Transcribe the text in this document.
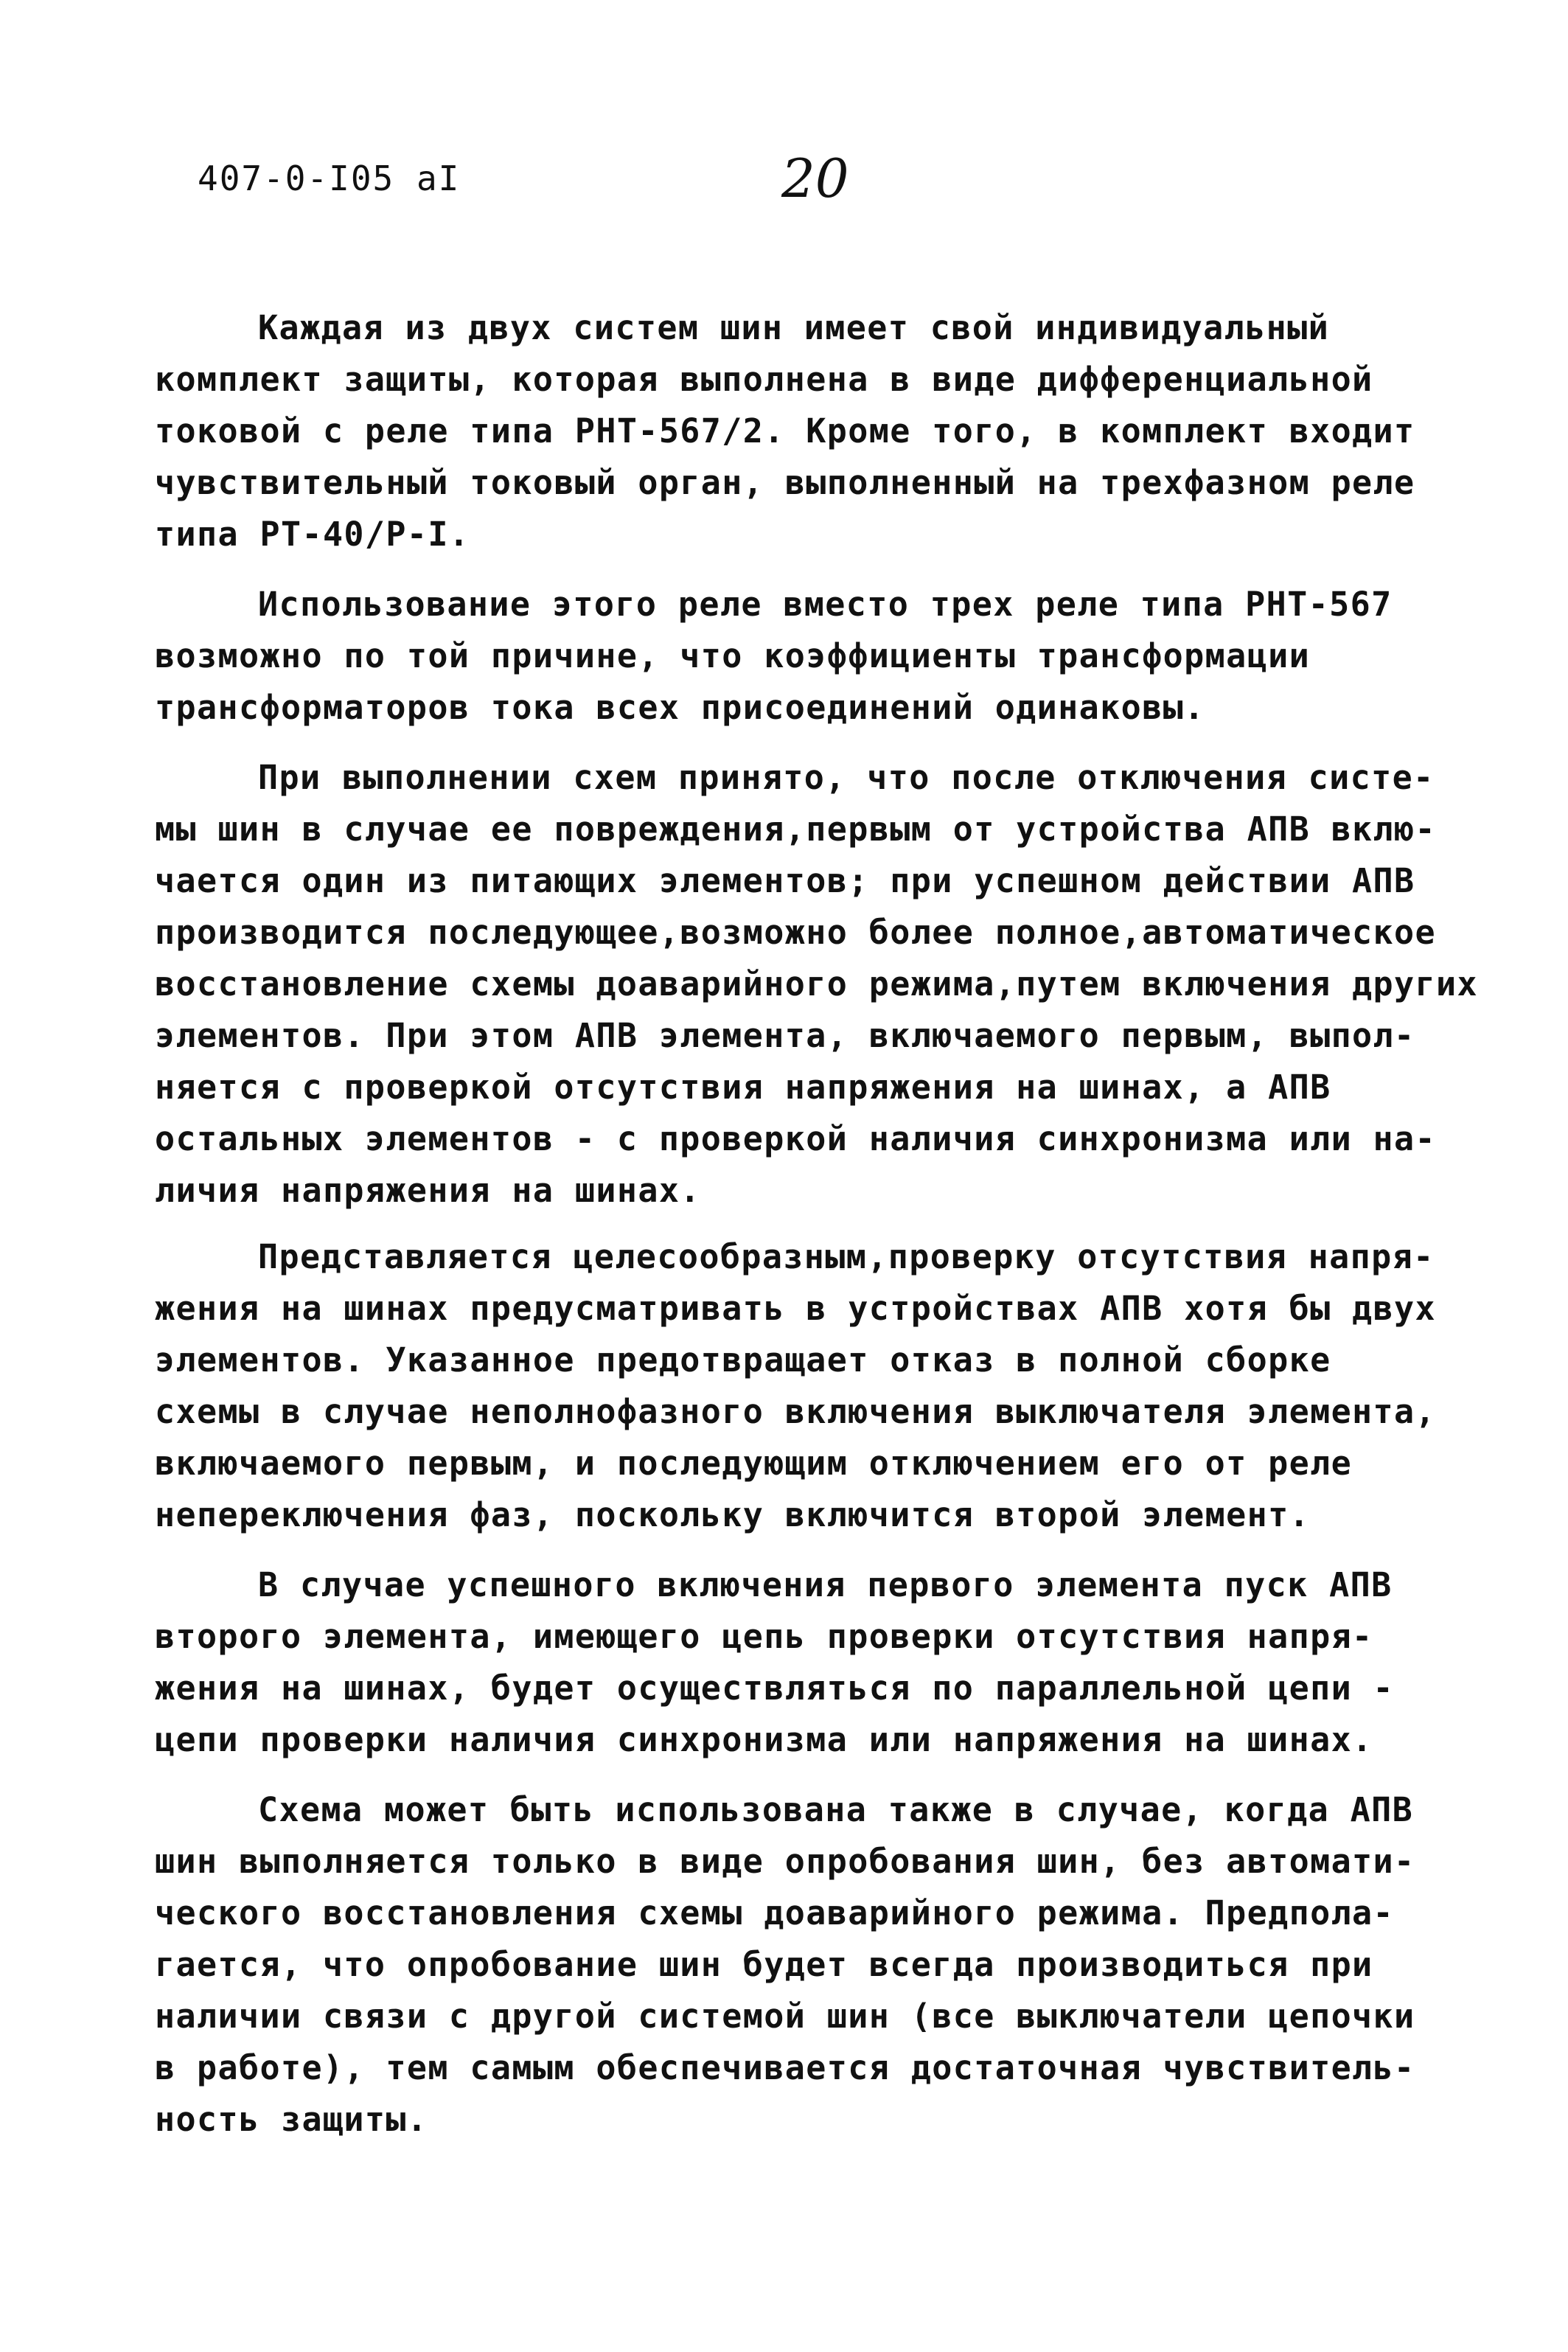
407-0-I05 aI	20
Каждая из двух систем шин имеет свой индивидуальный
комплект защиты, которая выполнена в виде дифференциальной
токовой с реле типа РНТ-567/2. Кроме того, в комплект входит
чувствительный токовый орган, выполненный на трехфазном реле
типа РТ-40/Р-I.
Использование этого реле вместо трех реле типа РНТ-567
возможно по той причине, что коэффициенты трансформации
трансформаторов тока всех присоединений одинаковы.
При выполнении схем принято, что после отключения систе-
мы шин в случае ее повреждения,первым от устройства АПВ вклю-
чается один из питающих элементов; при успешном действии АПВ
производится последующее,возможно более полное,автоматическое
восстановление схемы доаварийного режима,путем включения других
элементов. При этом АПВ элемента, включаемого первым, выпол-
няется с проверкой отсутствия напряжения на шинах, а АПВ
остальных элементов - с проверкой наличия синхронизма или на-
личия напряжения на шинах.
Представляется целесообразным,проверку отсутствия напря-
жения на шинах предусматривать в устройствах АПВ хотя бы двух
элементов. Указанное предотвращает отказ в полной сборке
схемы в случае неполнофазного включения выключателя элемента,
включаемого первым, и последующим отключением его от реле
непереключения фаз, поскольку включится второй элемент.
В случае успешного включения первого элемента пуск АПВ
второго элемента, имеющего цепь проверки отсутствия напря-
жения на шинах, будет осуществляться по параллельной цепи -
цепи проверки наличия синхронизма или напряжения на шинах.
Схема может быть использована также в случае, когда АПВ
шин выполняется только в виде опробования шин, без автомати-
ческого восстановления схемы доаварийного режима. Предпола-
гается, что опробование шин будет всегда производиться при
наличии связи с другой системой шин (все выключатели цепочки
в работе), тем самым обеспечивается достаточная чувствитель-
ность защиты.
